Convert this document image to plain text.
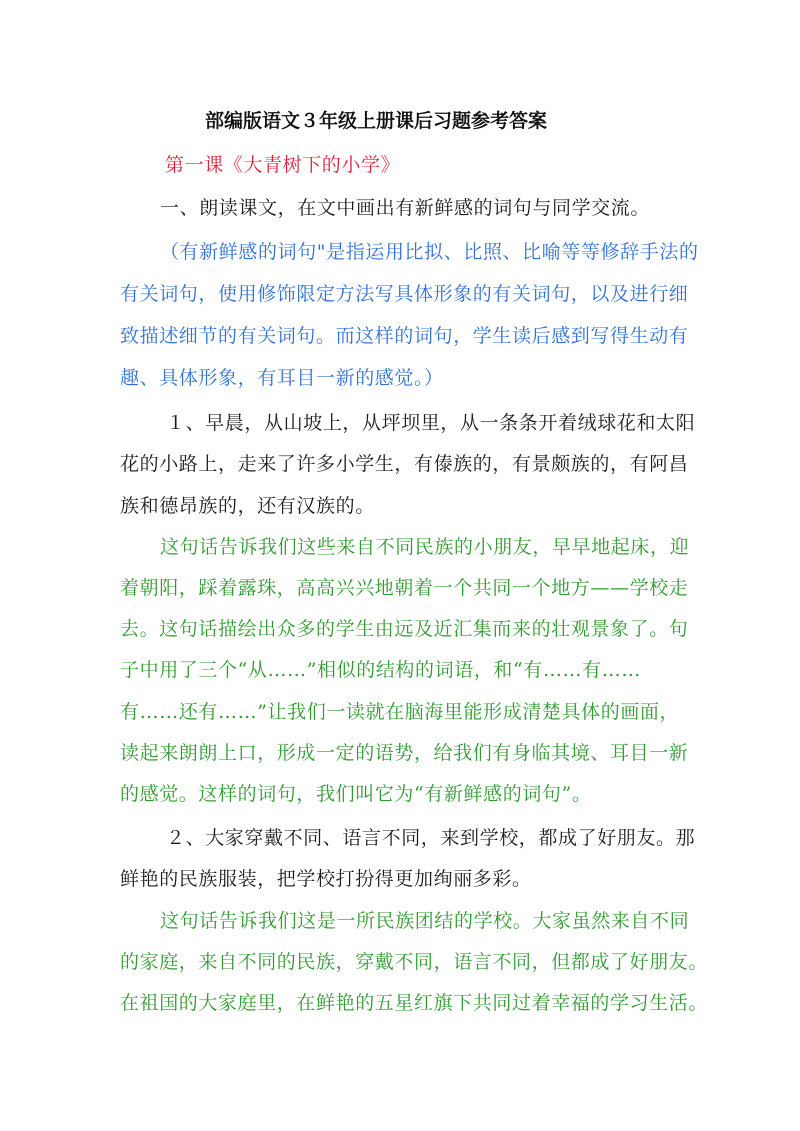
部编版语文３年级上册课后习题参考答案
第一课《大青树下的小学》
一、朗读课文，在文中画出有新鲜感的词句与同学交流。
（有新鲜感的词句"是指运用比拟、比照、比喻等等修辞手法的
有关词句，使用修饰限定方法写具体形象的有关词句，以及进行细
致描述细节的有关词句。而这样的词句，学生读后感到写得生动有
趣、具体形象，有耳目一新的感觉。）
１、早晨，从山坡上，从坪坝里，从一条条开着绒球花和太阳
花的小路上，走来了许多小学生，有傣族的，有景颇族的，有阿昌
族和德昂族的，还有汉族的。
这句话告诉我们这些来自不同民族的小朋友，早早地起床，迎
着朝阳，踩着露珠，高高兴兴地朝着一个共同一个地方——学校走
去。这句话描绘出众多的学生由远及近汇集而来的壮观景象了。句
子中用了三个“从……”相似的结构的词语，和“有……有……
有……还有……”让我们一读就在脑海里能形成清楚具体的画面，
读起来朗朗上口，形成一定的语势，给我们有身临其境、耳目一新
的感觉。这样的词句，我们叫它为“有新鲜感的词句”。
２、大家穿戴不同、语言不同，来到学校，都成了好朋友。那
鲜艳的民族服装，把学校打扮得更加绚丽多彩。
这句话告诉我们这是一所民族团结的学校。大家虽然来自不同
的家庭，来自不同的民族，穿戴不同，语言不同，但都成了好朋友。
在祖国的大家庭里，在鲜艳的五星红旗下共同过着幸福的学习生活。
